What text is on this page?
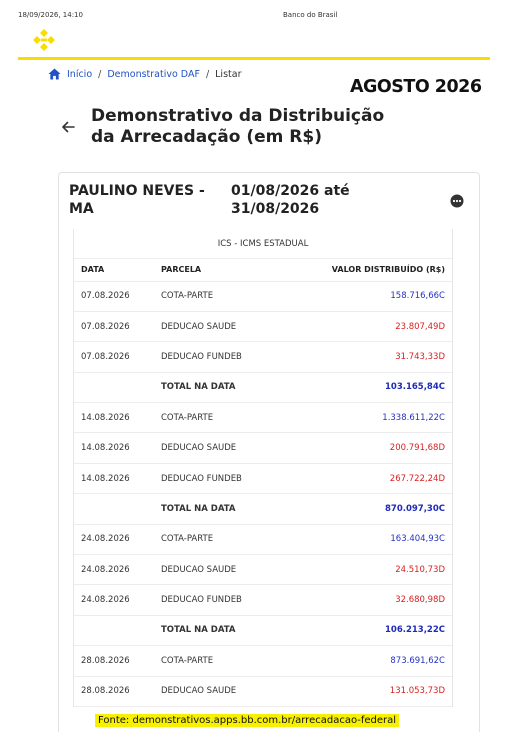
18/09/2026, 14:10	Banco do Brasil
Início / Demonstrativo DAF / Listar
AGOSTO 2026
Demonstrativo da Distribuição da Arrecadação (em R$)
PAULINO NEVES - MA
01/08/2026 até 31/08/2026
ICS - ICMS ESTADUAL
DATA	PARCELA	VALOR DISTRIBUÍDO (R$)
07.08.2026	COTA-PARTE	158.716,66C
07.08.2026	DEDUCAO SAUDE	23.807,49D
07.08.2026	DEDUCAO FUNDEB	31.743,33D
	TOTAL NA DATA	103.165,84C
14.08.2026	COTA-PARTE	1.338.611,22C
14.08.2026	DEDUCAO SAUDE	200.791,68D
14.08.2026	DEDUCAO FUNDEB	267.722,24D
	TOTAL NA DATA	870.097,30C
24.08.2026	COTA-PARTE	163.404,93C
24.08.2026	DEDUCAO SAUDE	24.510,73D
24.08.2026	DEDUCAO FUNDEB	32.680,98D
	TOTAL NA DATA	106.213,22C
28.08.2026	COTA-PARTE	873.691,62C
28.08.2026	DEDUCAO SAUDE	131.053,73D
Fonte: demonstrativos.apps.bb.com.br/arrecadacao-federal
